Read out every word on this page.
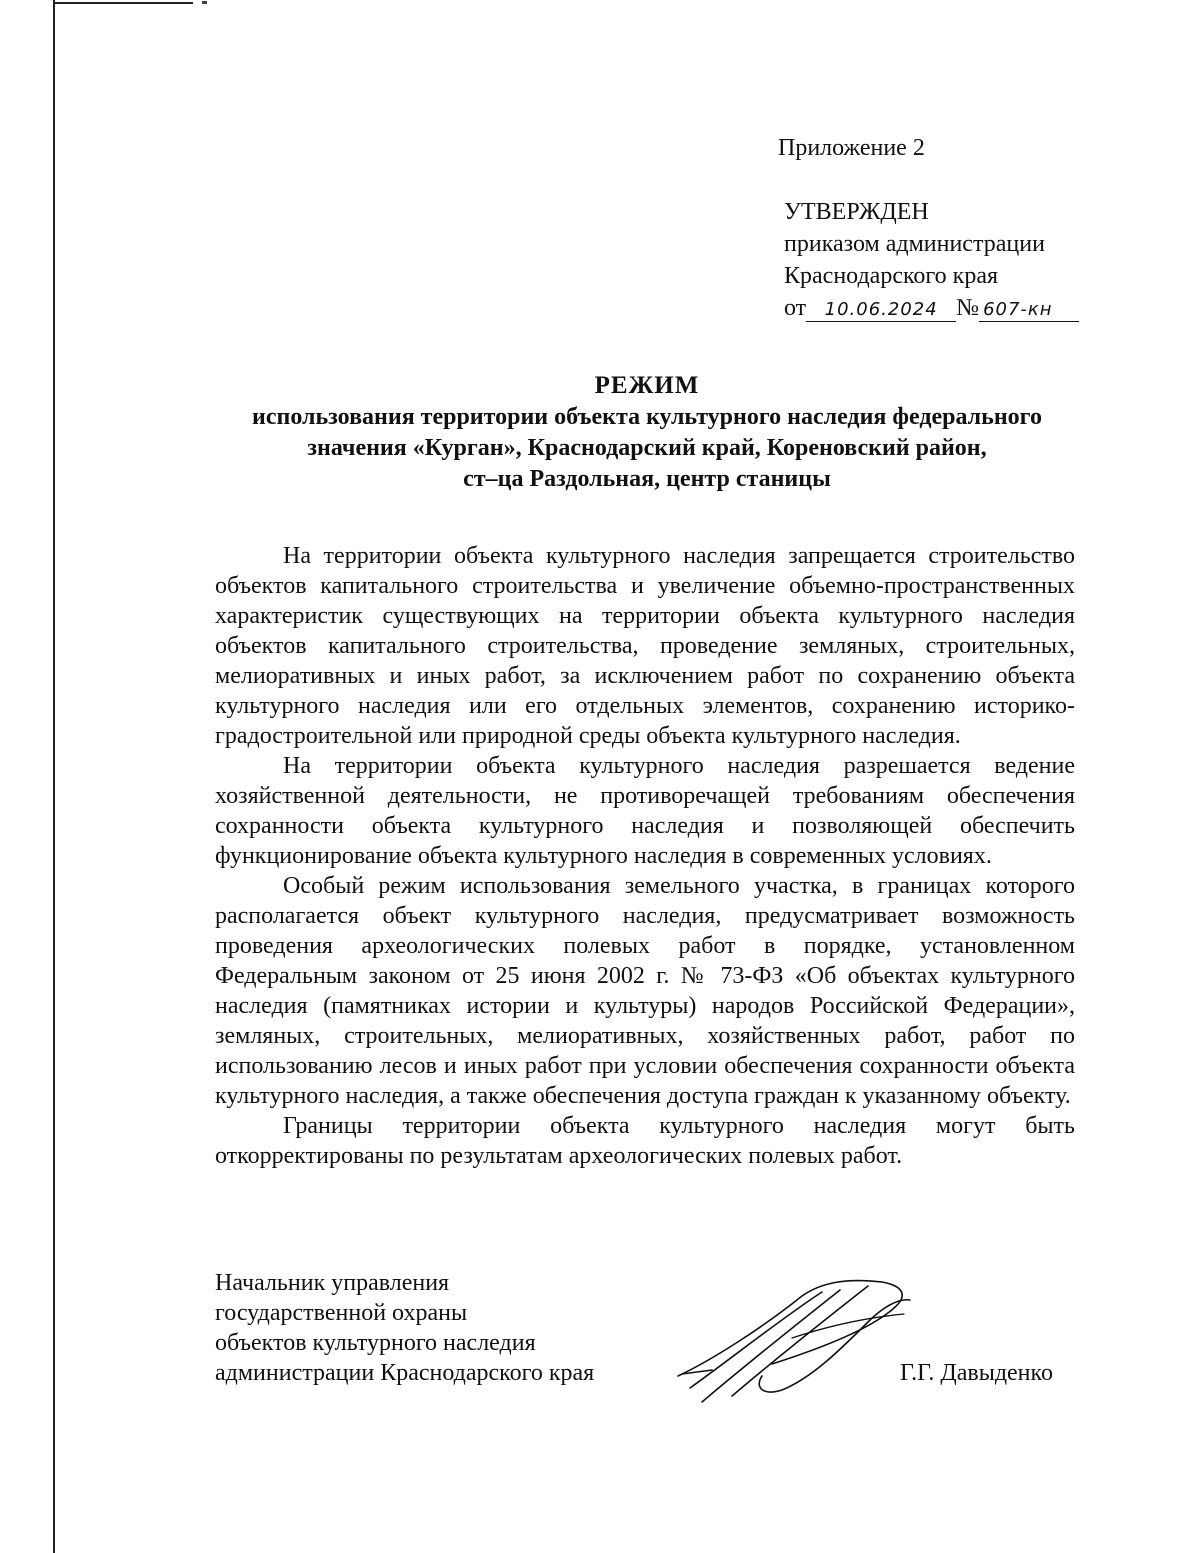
Приложение 2
УТВЕРЖДЕН
приказом администрации
Краснодарского края
от 10.06.2024 № 607-кн
РЕЖИМ
использования территории объекта культурного наследия федерального
значения «Курган», Краснодарский край, Кореновский район,
ст–ца Раздольная, центр станицы

На территории объекта культурного наследия запрещается строительство объектов капитального строительства и увеличение объемно-пространственных характеристик существующих на территории объекта культурного наследия объектов капитального строительства, проведение земляных, строительных, мелиоративных и иных работ, за исключением работ по сохранению объекта культурного наследия или его отдельных элементов, сохранению историко-градостроительной или природной среды объекта культурного наследия.

На территории объекта культурного наследия разрешается ведение хозяйственной деятельности, не противоречащей требованиям обеспечения сохранности объекта культурного наследия и позволяющей обеспечить функционирование объекта культурного наследия в современных условиях.

Особый режим использования земельного участка, в границах которого располагается объект культурного наследия, предусматривает возможность проведения археологических полевых работ в порядке, установленном Федеральным законом от 25 июня 2002 г. № 73-ФЗ «Об объектах культурного наследия (памятниках истории и культуры) народов Российской Федерации», земляных, строительных, мелиоративных, хозяйственных работ, работ по использованию лесов и иных работ при условии обеспечения сохранности объекта культурного наследия, а также обеспечения доступа граждан к указанному объекту.

Границы территории объекта культурного наследия могут быть откорректированы по результатам археологических полевых работ.

Начальник управления
государственной охраны
объектов культурного наследия
администрации Краснодарского края	Г.Г. Давыденко
